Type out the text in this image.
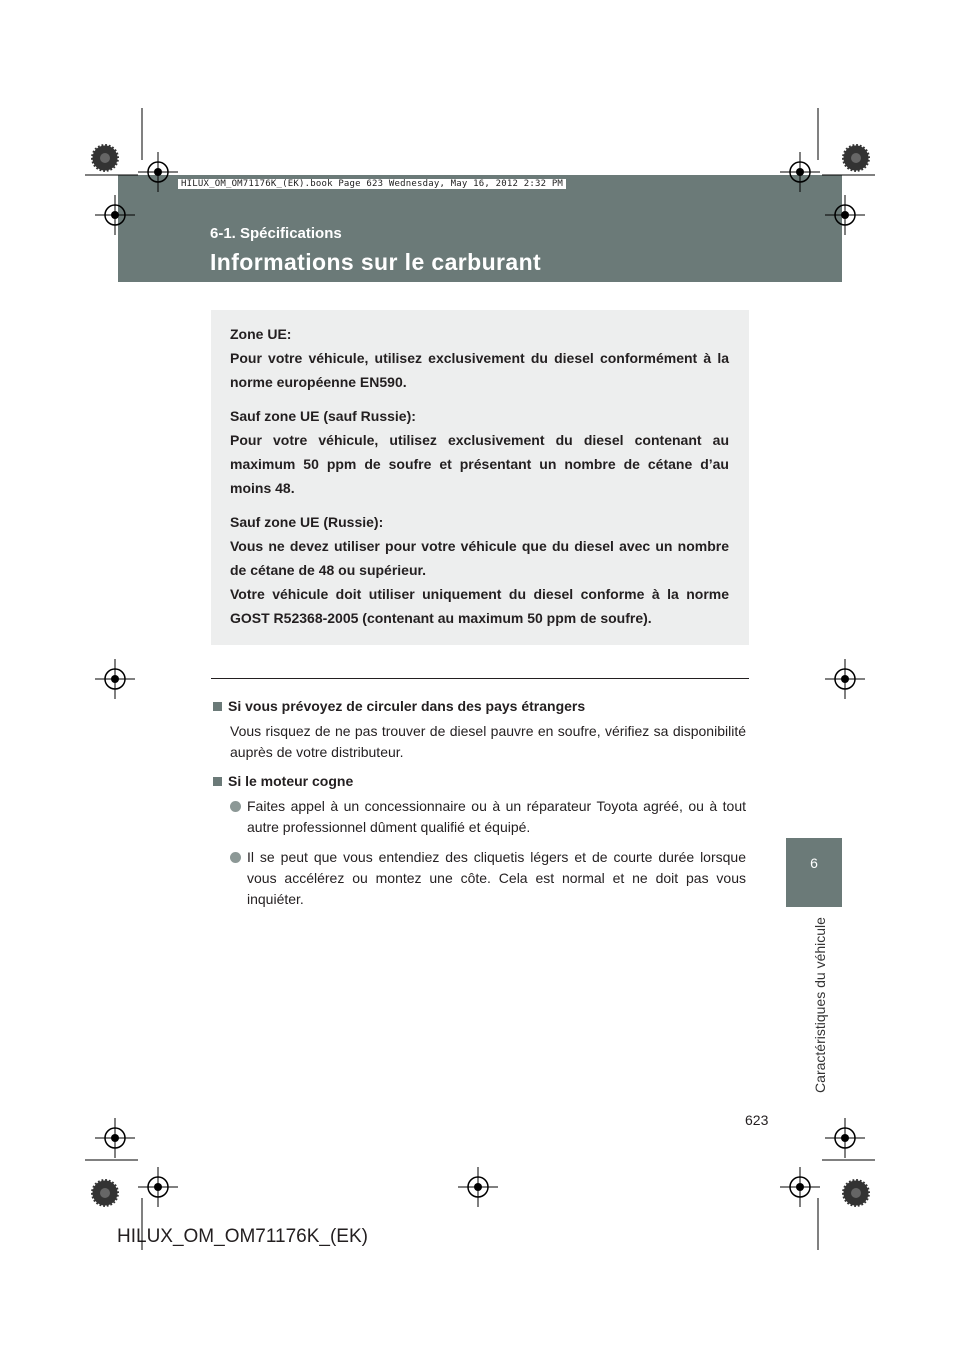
HILUX_OM_OM71176K_(EK).book Page 623 Wednesday, May 16, 2012 2:32 PM
6-1. Spécifications
Informations sur le carburant

Zone UE:

Pour votre véhicule, utilisez exclusivement du diesel conformément à la norme européenne EN590.

Sauf zone UE (sauf Russie):

Pour votre véhicule, utilisez exclusivement du diesel contenant au maximum 50 ppm de soufre et présentant un nombre de cétane d’au moins 48.

Sauf zone UE (Russie):

Vous ne devez utiliser pour votre véhicule que du diesel avec un nombre de cétane de 48 ou supérieur.

Votre véhicule doit utiliser uniquement du diesel conforme à la norme GOST R52368-2005 (contenant au maximum 50 ppm de soufre).

Si vous prévoyez de circuler dans des pays étrangers
Vous risquez de ne pas trouver de diesel pauvre en soufre, vérifiez sa disponibilité auprès de votre distributeur.
Si le moteur cogne
Faites appel à un concessionnaire ou à un réparateur Toyota agréé, ou à tout autre professionnel dûment qualifié et équipé.
Il se peut que vous entendiez des cliquetis légers et de courte durée lorsque vous accélérez ou montez une côte. Cela est normal et ne doit pas vous inquiéter.
6
Caractéristiques du véhicule
623
HILUX_OM_OM71176K_(EK)
